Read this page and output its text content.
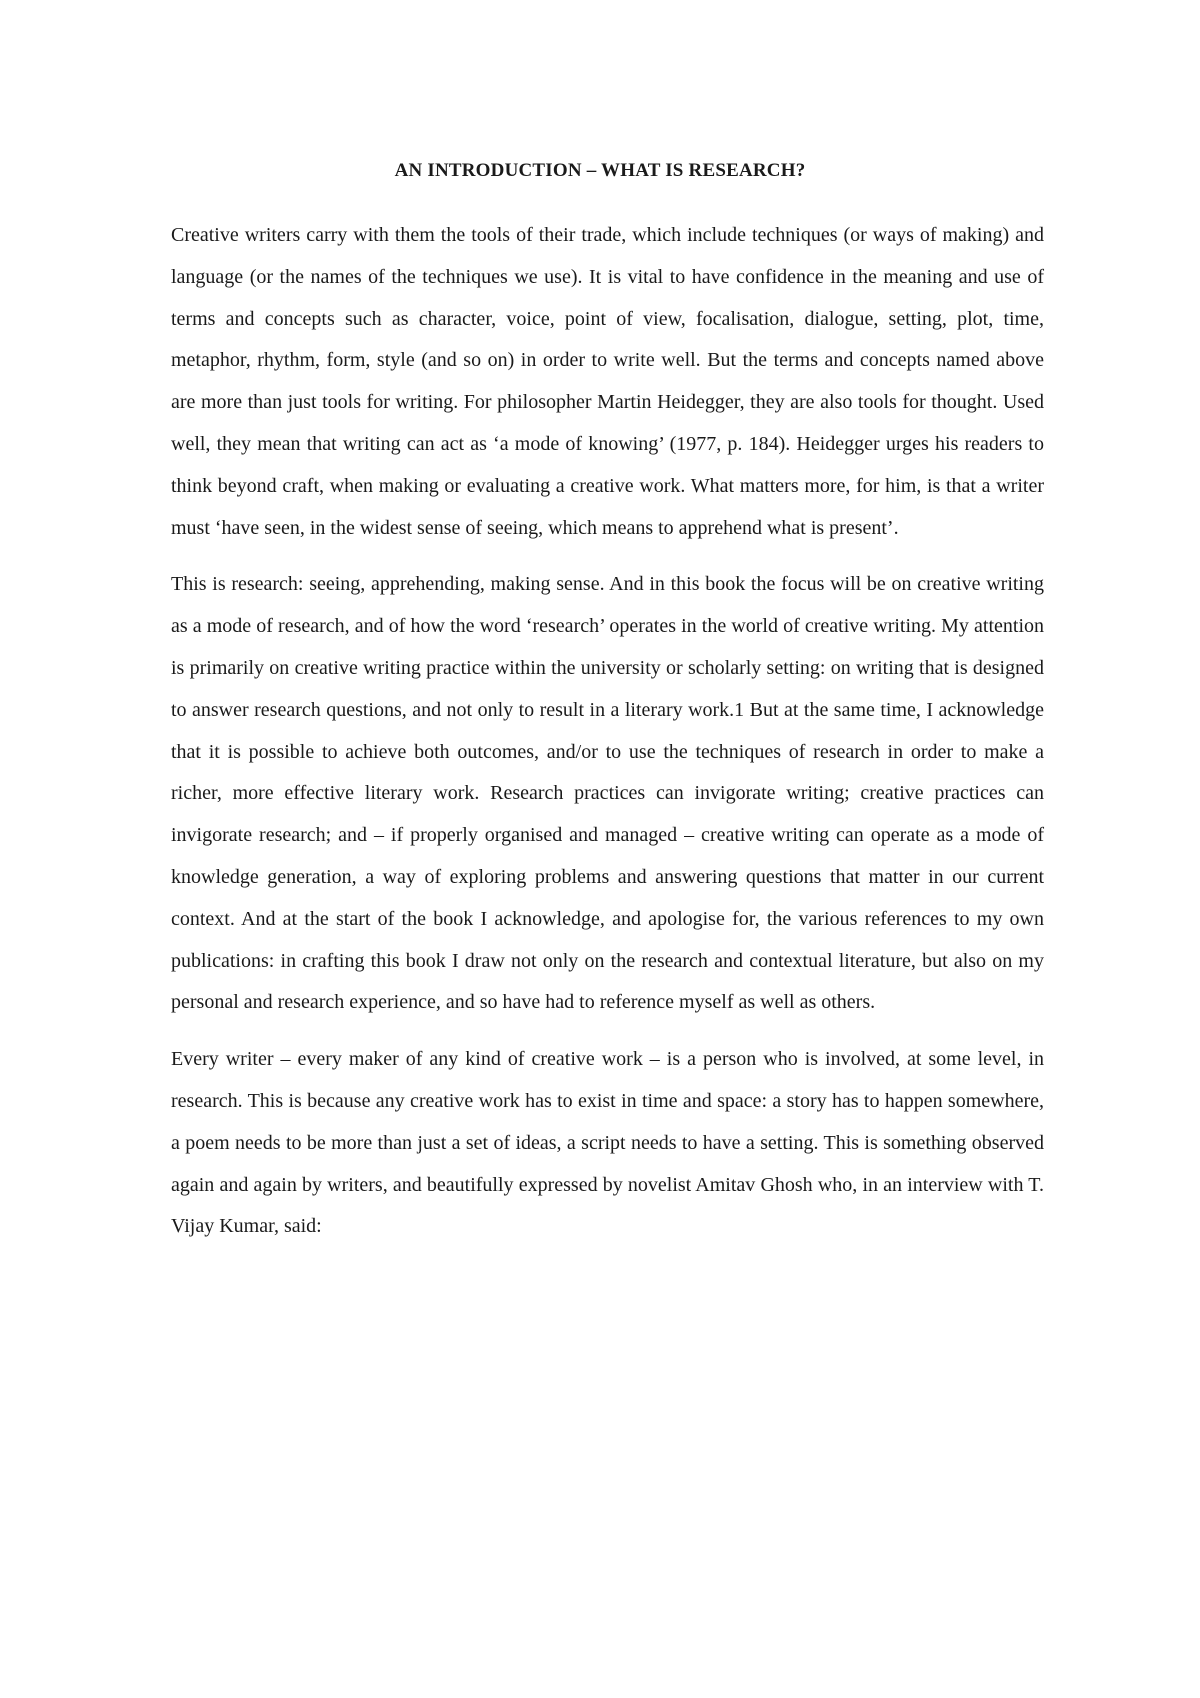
AN INTRODUCTION – WHAT IS RESEARCH?

Creative writers carry with them the tools of their trade, which include techniques (or ways of making) and language (or the names of the techniques we use). It is vital to have confidence in the meaning and use of terms and concepts such as character, voice, point of view, focalisation, dialogue, setting, plot, time, metaphor, rhythm, form, style (and so on) in order to write well. But the terms and concepts named above are more than just tools for writing. For philosopher Martin Heidegger, they are also tools for thought. Used well, they mean that writing can act as ‘a mode of knowing’ (1977, p. 184). Heidegger urges his readers to think beyond craft, when making or evaluating a creative work. What matters more, for him, is that a writer must ‘have seen, in the widest sense of seeing, which means to apprehend what is present’.

This is research: seeing, apprehending, making sense. And in this book the focus will be on creative writing as a mode of research, and of how the word ‘research’ operates in the world of creative writing. My attention is primarily on creative writing practice within the university or scholarly setting: on writing that is designed to answer research questions, and not only to result in a literary work.1 But at the same time, I acknowledge that it is possible to achieve both outcomes, and/or to use the techniques of research in order to make a richer, more effective literary work. Research practices can invigorate writing; creative practices can invigorate research; and – if properly organised and managed – creative writing can operate as a mode of knowledge generation, a way of exploring problems and answering questions that matter in our current context. And at the start of the book I acknowledge, and apologise for, the various references to my own publications: in crafting this book I draw not only on the research and contextual literature, but also on my personal and research experience, and so have had to reference myself as well as others.

Every writer – every maker of any kind of creative work – is a person who is involved, at some level, in research. This is because any creative work has to exist in time and space: a story has to happen somewhere, a poem needs to be more than just a set of ideas, a script needs to have a setting. This is something observed again and again by writers, and beautifully expressed by novelist Amitav Ghosh who, in an interview with T. Vijay Kumar, said:
